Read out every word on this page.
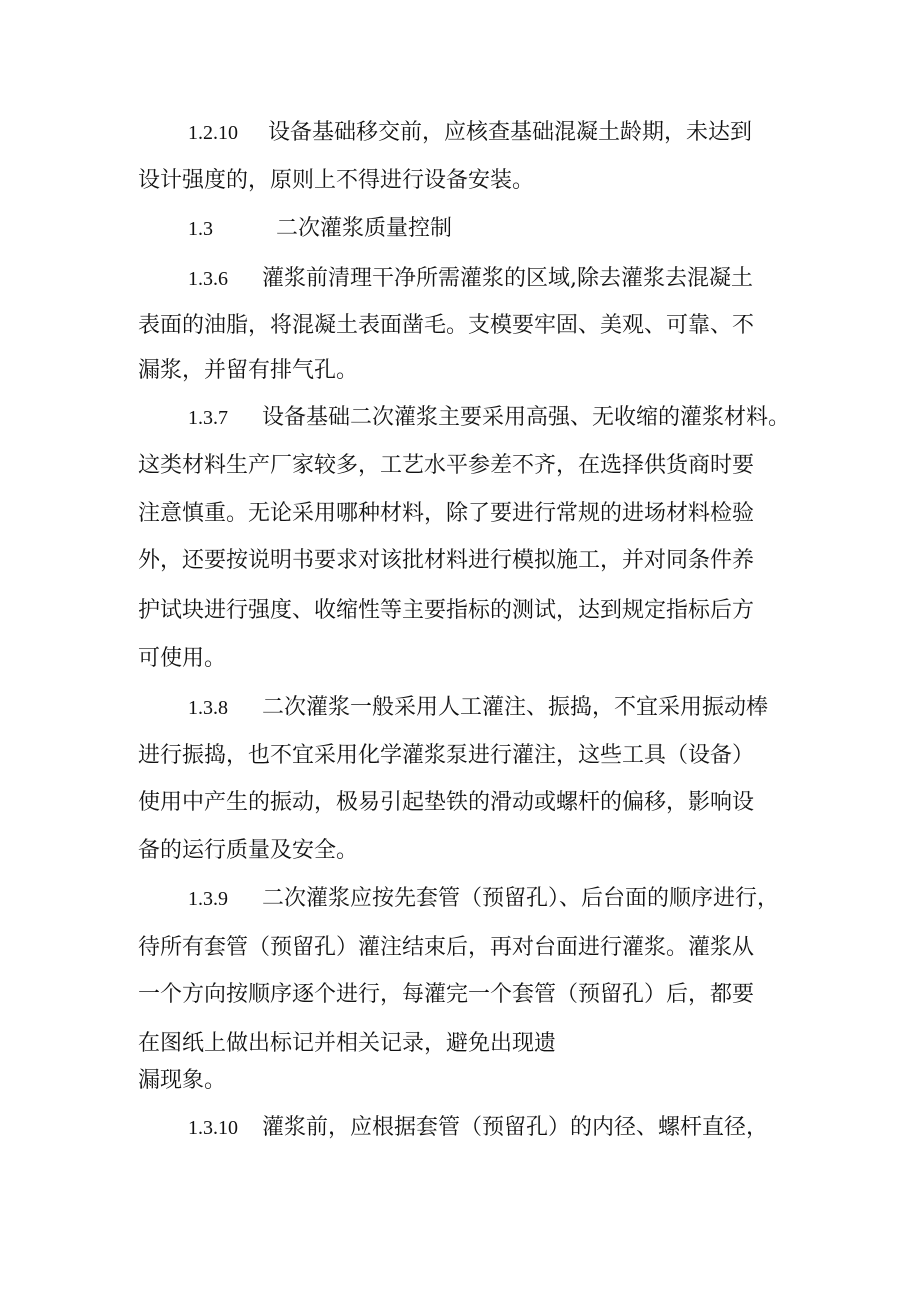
1.2.10 设备基础移交前，应核查基础混凝土龄期，未达到
设计强度的，原则上不得进行设备安装。
1.3	二次灌浆质量控制
1.3.6 灌浆前清理干净所需灌浆的区域,除去灌浆去混凝土
表面的油脂，将混凝土表面凿毛。支模要牢固、美观、可靠、不
漏浆，并留有排气孔。
1.3.7 设备基础二次灌浆主要采用高强、无收缩的灌浆材料。
这类材料生产厂家较多，工艺水平参差不齐，在选择供货商时要
注意慎重。无论采用哪种材料，除了要进行常规的进场材料检验
外，还要按说明书要求对该批材料进行模拟施工，并对同条件养
护试块进行强度、收缩性等主要指标的测试，达到规定指标后方
可使用。
1.3.8 二次灌浆一般采用人工灌注、振捣，不宜采用振动棒
进行振捣，也不宜采用化学灌浆泵进行灌注，这些工具（设备）
使用中产生的振动，极易引起垫铁的滑动或螺杆的偏移，影响设
备的运行质量及安全。
1.3.9 二次灌浆应按先套管（预留孔）、后台面的顺序进行，
待所有套管（预留孔）灌注结束后，再对台面进行灌浆。灌浆从
一个方向按顺序逐个进行，每灌完一个套管（预留孔）后，都要
在图纸上做出标记并相关记录，避免出现遗
漏现象。
1.3.10 灌浆前，应根据套管（预留孔）的内径、螺杆直径，
